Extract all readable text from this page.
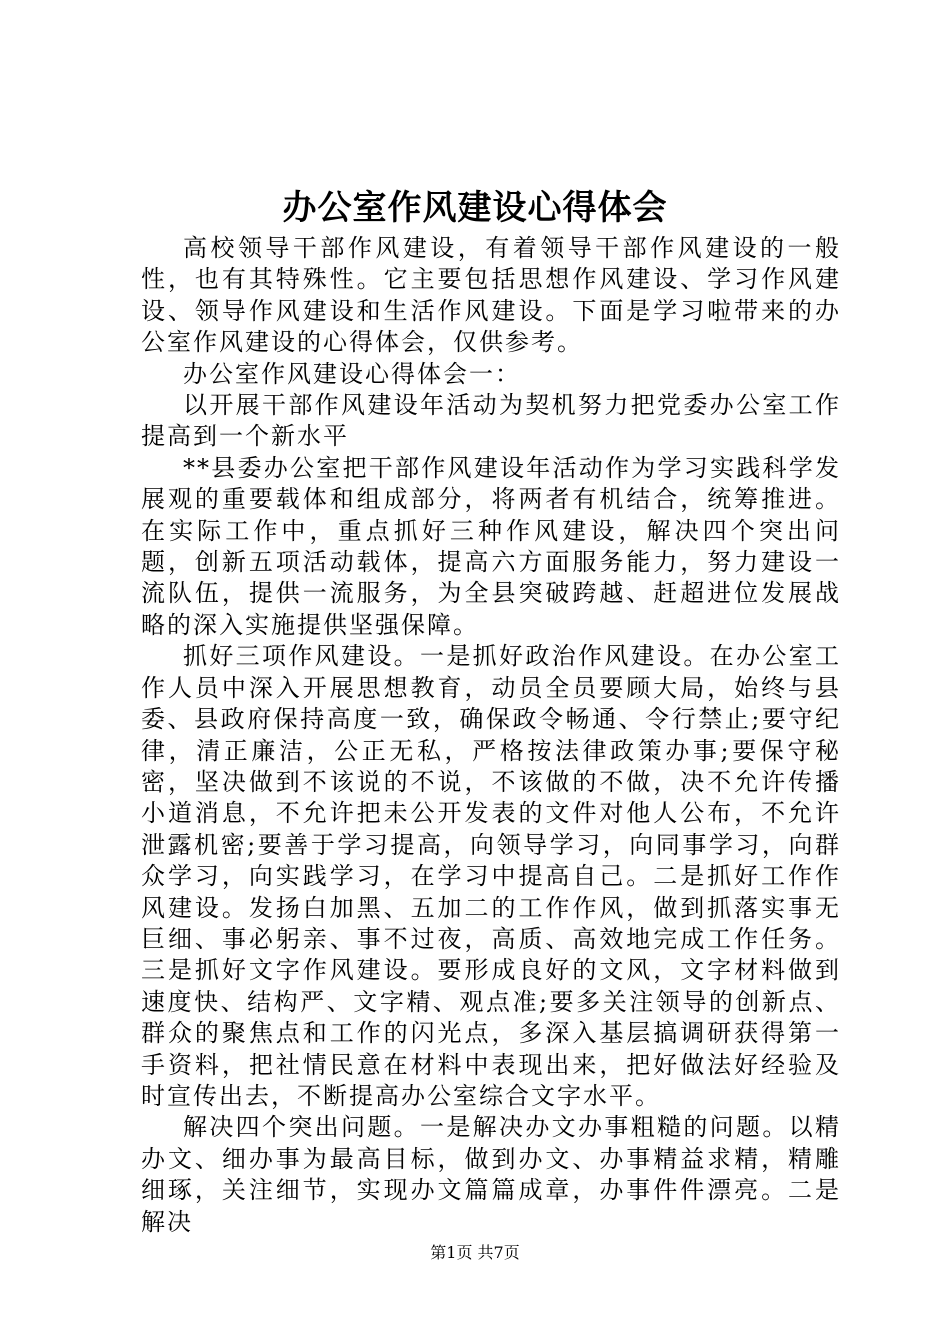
办公室作风建设心得体会

高校领导干部作风建设，有着领导干部作风建设的一般性，也有其特殊性。它主要包括思想作风建设、学习作风建设、领导作风建设和生活作风建设。下面是学习啦带来的办公室作风建设的心得体会，仅供参考。

办公室作风建设心得体会一：

以开展干部作风建设年活动为契机努力把党委办公室工作提高到一个新水平

**县委办公室把干部作风建设年活动作为学习实践科学发展观的重要载体和组成部分，将两者有机结合，统筹推进。在实际工作中，重点抓好三种作风建设，解决四个突出问题，创新五项活动载体，提高六方面服务能力，努力建设一流队伍，提供一流服务，为全县突破跨越、赶超进位发展战略的深入实施提供坚强保障。

抓好三项作风建设。一是抓好政治作风建设。在办公室工作人员中深入开展思想教育，动员全员要顾大局，始终与县委、县政府保持高度一致，确保政令畅通、令行禁止;要守纪律，清正廉洁，公正无私，严格按法律政策办事;要保守秘密，坚决做到不该说的不说，不该做的不做，决不允许传播小道消息，不允许把未公开发表的文件对他人公布，不允许泄露机密;要善于学习提高，向领导学习，向同事学习，向群众学习，向实践学习，在学习中提高自己。二是抓好工作作风建设。发扬白加黑、五加二的工作作风，做到抓落实事无巨细、事必躬亲、事不过夜，高质、高效地完成工作任务。三是抓好文字作风建设。要形成良好的文风，文字材料做到速度快、结构严、文字精、观点准;要多关注领导的创新点、群众的聚焦点和工作的闪光点，多深入基层搞调研获得第一手资料，把社情民意在材料中表现出来，把好做法好经验及时宣传出去，不断提高办公室综合文字水平。

解决四个突出问题。一是解决办文办事粗糙的问题。以精办文、细办事为最高目标，做到办文、办事精益求精，精雕细琢，关注细节，实现办文篇篇成章，办事件件漂亮。二是解决

第1页 共7页
